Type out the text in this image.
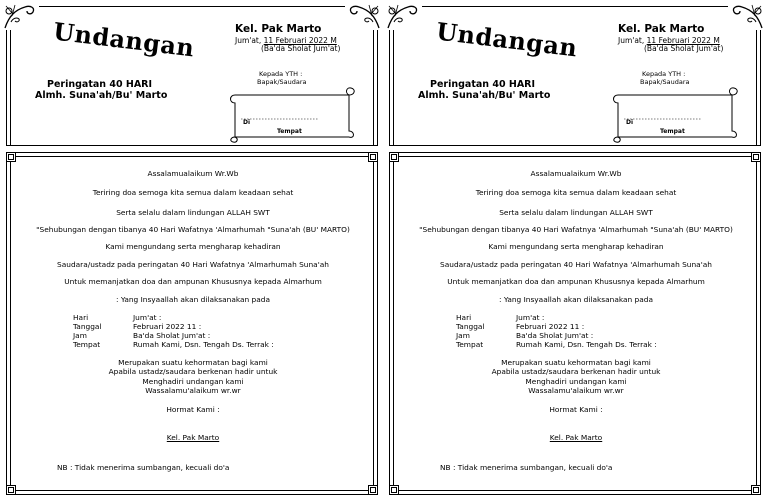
Undangan	Kel. Pak Marto
Jum'at, 11 Februari 2022 M
(Ba'da Sholat Jum'at)
Peringatan 40 HARI
Almh. Suna'ah/Bu' Marto
Kepada YTH :
Bapak/Saudara
Di
Tempat
Assalamualaikum Wr.Wb
Teriring doa semoga kita semua dalam keadaan sehat
Serta selalu dalam lindungan ALLAH SWT
"Sehubungan dengan tibanya 40 Hari Wafatnya 'Almarhumah "Suna'ah (BU' MARTO)
Kami mengundang serta mengharap kehadiran
Saudara/ustadz pada peringatan 40 Hari Wafatnya 'Almarhumah Suna'ah
Untuk memanjatkan doa dan ampunan Khususnya kepada Almarhum
: Yang Insyaallah akan dilaksanakan pada
Hari	Jum'at :
Tanggal	Februari 2022 11 :
Jam	Ba'da Sholat Jum'at :
Tempat	Rumah Kami, Dsn. Tengah Ds. Terrak :
Merupakan suatu kehormatan bagi kami
Apabila ustadz/saudara berkenan hadir untuk
Menghadiri undangan kami
Wassalamu'alaikum wr.wr
Hormat Kami :
Kel. Pak Marto
NB : Tidak menerima sumbangan, kecuali do'a
Undangan	Kel. Pak Marto
Jum'at, 11 Februari 2022 M
(Ba'da Sholat Jum'at)
Peringatan 40 HARI
Almh. Suna'ah/Bu' Marto
Kepada YTH :
Bapak/Saudara
Di
Tempat
Assalamualaikum Wr.Wb
Teriring doa semoga kita semua dalam keadaan sehat
Serta selalu dalam lindungan ALLAH SWT
"Sehubungan dengan tibanya 40 Hari Wafatnya 'Almarhumah "Suna'ah (BU' MARTO)
Kami mengundang serta mengharap kehadiran
Saudara/ustadz pada peringatan 40 Hari Wafatnya 'Almarhumah Suna'ah
Untuk memanjatkan doa dan ampunan Khususnya kepada Almarhum
: Yang Insyaallah akan dilaksanakan pada
Hari	Jum'at :
Tanggal	Februari 2022 11 :
Jam	Ba'da Sholat Jum'at :
Tempat	Rumah Kami, Dsn. Tengah Ds. Terrak :
Merupakan suatu kehormatan bagi kami
Apabila ustadz/saudara berkenan hadir untuk
Menghadiri undangan kami
Wassalamu'alaikum wr.wr
Hormat Kami :
Kel. Pak Marto
NB : Tidak menerima sumbangan, kecuali do'a
